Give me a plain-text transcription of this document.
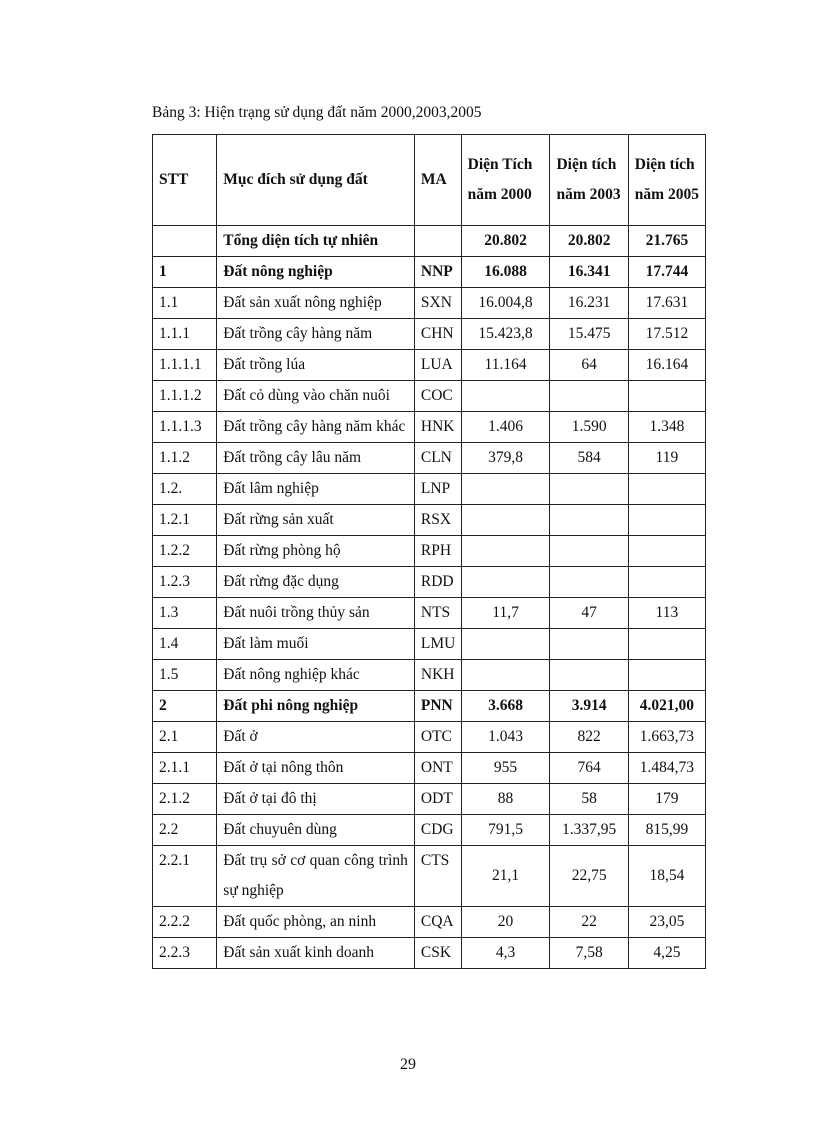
Bảng 3: Hiện trạng sử dụng đất năm 2000,2003,2005
STT	Mục đích sử dụng đất	MA	Diện Tích năm 2000	Diện tích năm 2003	Diện tích năm 2005
	Tổng diện tích tự nhiên		20.802	20.802	21.765
1	Đất nông nghiệp	NNP	16.088	16.341	17.744
1.1	Đất sản xuất nông nghiệp	SXN	16.004,8	16.231	17.631
1.1.1	Đất trồng cây hàng năm	CHN	15.423,8	15.475	17.512
1.1.1.1	Đất trồng lúa	LUA	11.164	64	16.164
1.1.1.2	Đất cỏ dùng vào chăn nuôi	COC			
1.1.1.3	Đất trồng cây hàng năm khác	HNK	1.406	1.590	1.348
1.1.2	Đất trồng cây lâu năm	CLN	379,8	584	119
1.2.	Đất lâm nghiệp	LNP			
1.2.1	Đất rừng sản xuất	RSX			
1.2.2	Đất rừng phòng hộ	RPH			
1.2.3	Đất rừng đặc dụng	RDD			
1.3	Đất nuôi trồng thủy sản	NTS	11,7	47	113
1.4	Đất làm muối	LMU			
1.5	Đất nông nghiệp khác	NKH			
2	Đất phi nông nghiệp	PNN	3.668	3.914	4.021,00
2.1	Đất ở	OTC	1.043	822	1.663,73
2.1.1	Đất ở tại nông thôn	ONT	955	764	1.484,73
2.1.2	Đất ở tại đô thị	ODT	88	58	179
2.2	Đất chuyuên dùng	CDG	791,5	1.337,95	815,99
2.2.1	Đất trụ sở cơ quan công trình sự nghiệp	CTS	21,1	22,75	18,54
2.2.2	Đất quốc phòng, an ninh	CQA	20	22	23,05
2.2.3	Đất sản xuất kinh doanh	CSK	4,3	7,58	4,25
29
